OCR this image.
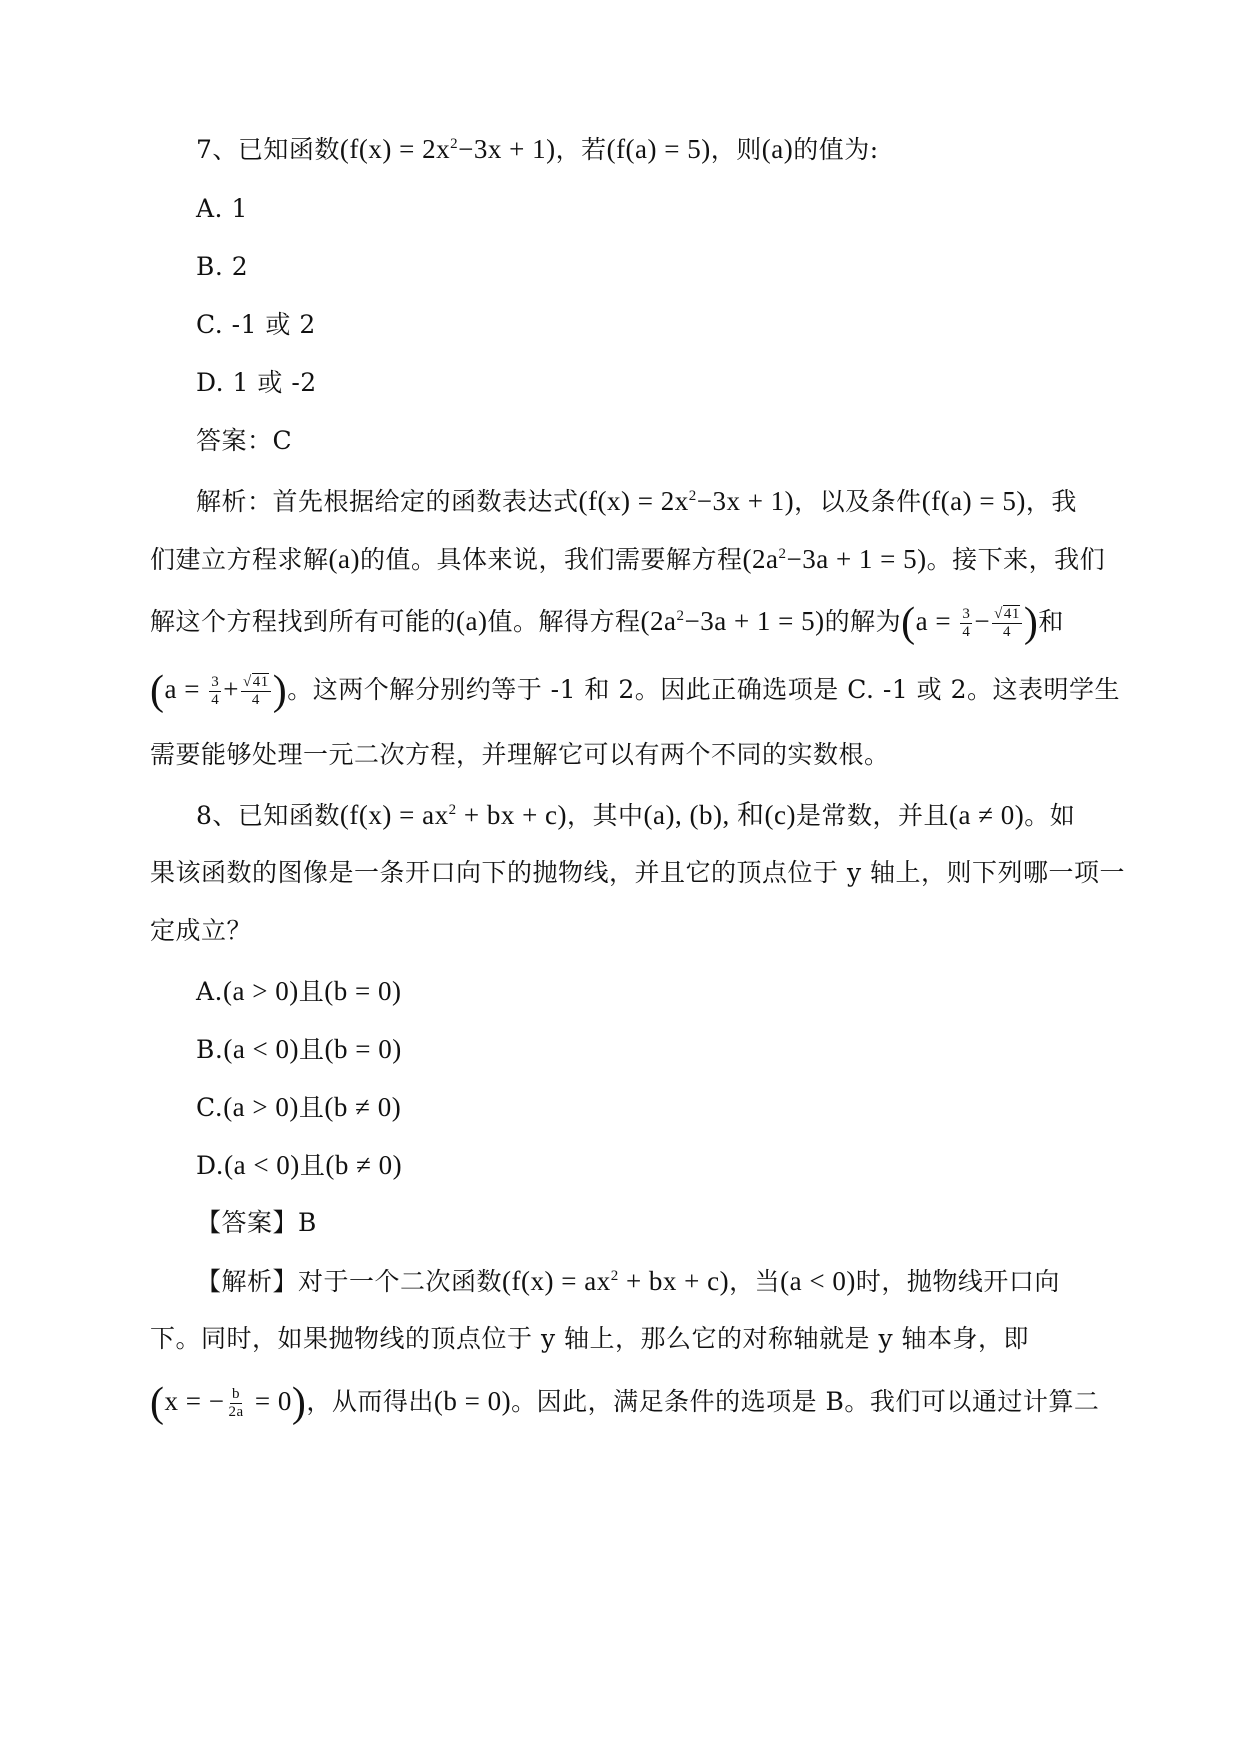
7、已知函数$(f(x) = 2x^2-3x + 1)$，若(f(a) = 5)，则(a)的值为:
A. 1
B. 2
C. -1 或 2
D. 1 或 -2
答案：C
解析：首先根据给定的函数表达式$(f(x) = 2x^2-3x + 1)$，以及条件(f(a) = 5)，我
们建立方程求解(a)的值。具体来说，我们需要解方程$(2a^2-3a + 1 = 5)$。接下来，我们
解这个方程找到所有可能的(a)值。解得方程$(2a^2-3a + 1 = 5)$的解为($a = \frac{3}{4} - \frac{√41}{4}$ )和
($a = \frac{3}{4} + \frac{√41}{4}$ )。这两个解分别约等于 -1 和 2。因此正确选项是 C. -1 或 2。这表明学生
需要能够处理一元二次方程，并理解它可以有两个不同的实数根。
8、已知函数($f(x) = ax^2$ + bx + c)，其中(a), (b), 和(c)是常数，并且(a ≠ 0)。如
果该函数的图像是一条开口向下的抛物线，并且它的顶点位于 y 轴上，则下列哪一项一
定成立？
A.(a > 0)且(b = 0)
B.(a < 0)且(b = 0)
C.(a > 0)且(b ≠ 0)
D.(a < 0)且(b ≠ 0)
【答案】B
【解析】对于一个二次函数($f(x) = ax^2$ + bx + c)，当(a < 0)时，抛物线开口向
下。同时，如果抛物线的顶点位于 y 轴上，那么它的对称轴就是 y 轴本身，即
(x = − $\frac{b}{2a} = 0$)，从而得出(b = 0)。因此，满足条件的选项是 B。我们可以通过计算二
